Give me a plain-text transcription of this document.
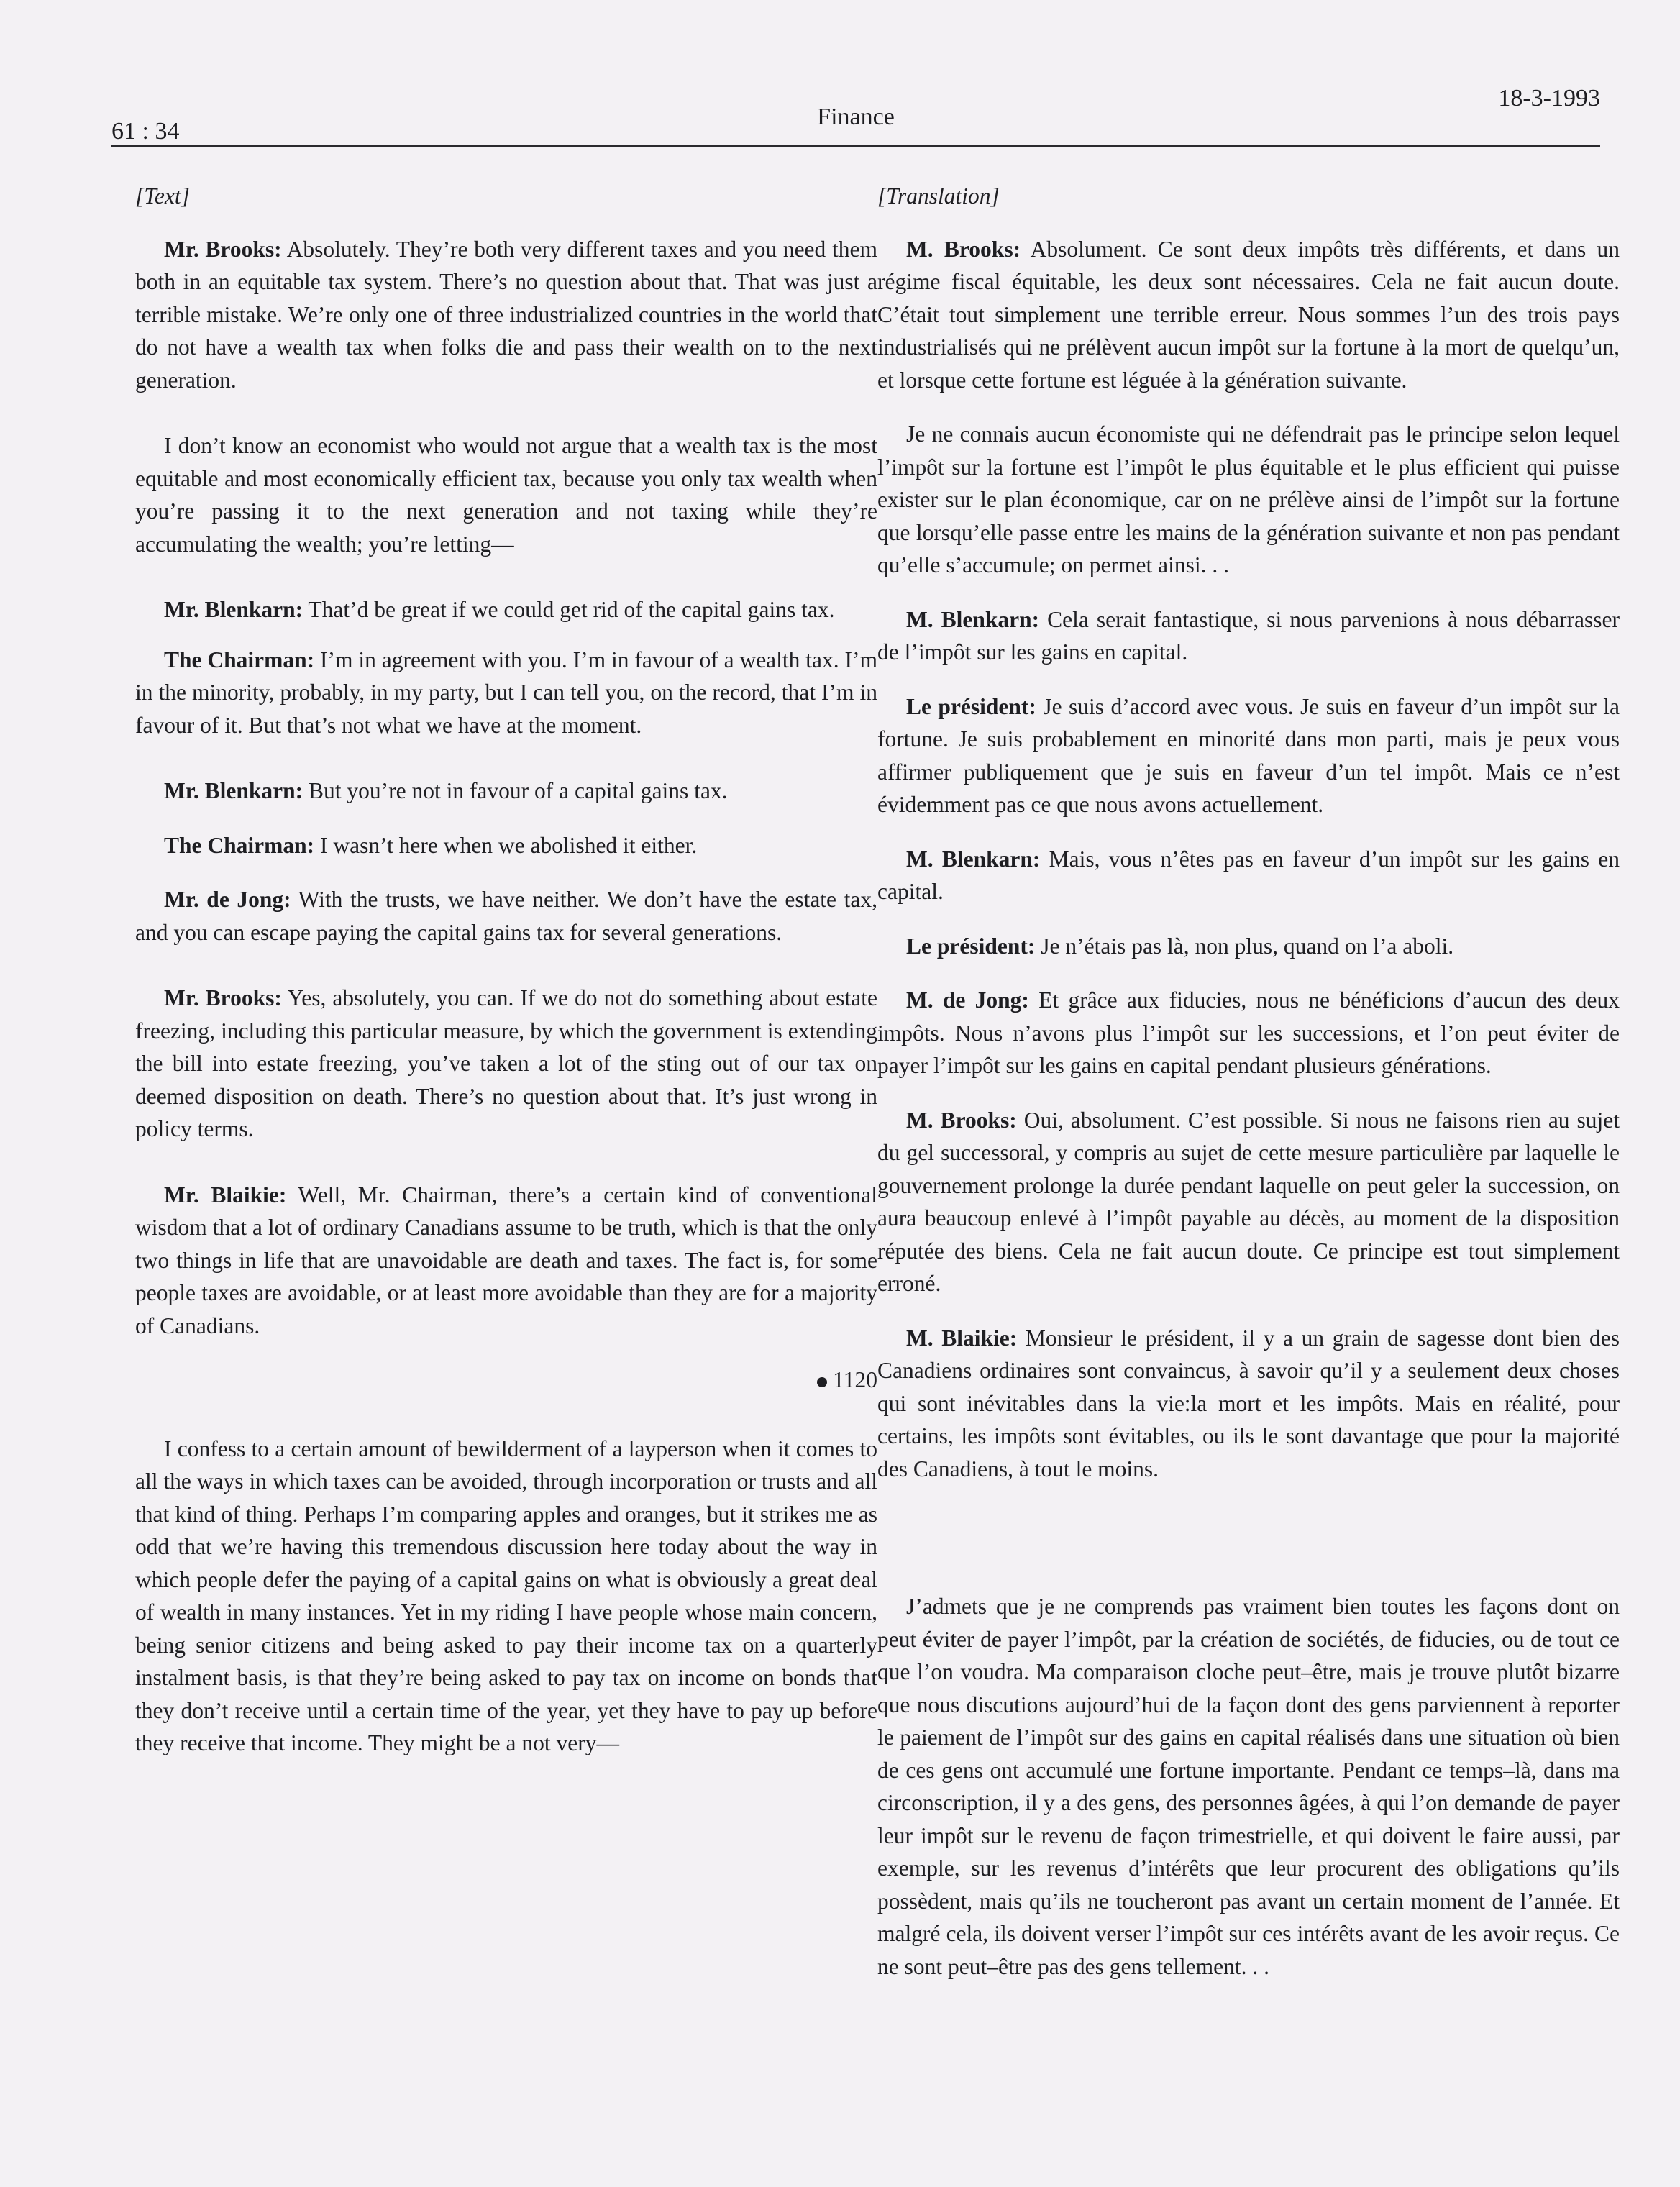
61 : 34
Finance
18-3-1993
[Text]

Mr. Brooks: Absolutely. They’re both very different taxes and you need them both in an equitable tax system. There’s no question about that. That was just a terrible mistake. We’re only one of three industrialized countries in the world that do not have a wealth tax when folks die and pass their wealth on to the next generation.

I don’t know an economist who would not argue that a wealth tax is the most equitable and most economically efficient tax, because you only tax wealth when you’re passing it to the next generation and not taxing while they’re accumulating the wealth; you’re letting—

Mr. Blenkarn: That’d be great if we could get rid of the capital gains tax.

The Chairman: I’m in agreement with you. I’m in favour of a wealth tax. I’m in the minority, probably, in my party, but I can tell you, on the record, that I’m in favour of it. But that’s not what we have at the moment.

Mr. Blenkarn: But you’re not in favour of a capital gains tax.

The Chairman: I wasn’t here when we abolished it either.

Mr. de Jong: With the trusts, we have neither. We don’t have the estate tax, and you can escape paying the capital gains tax for several generations.

Mr. Brooks: Yes, absolutely, you can. If we do not do something about estate freezing, including this particular measure, by which the government is extending the bill into estate freezing, you’ve taken a lot of the sting out of our tax on deemed disposition on death. There’s no question about that. It’s just wrong in policy terms.

Mr. Blaikie: Well, Mr. Chairman, there’s a certain kind of conventional wisdom that a lot of ordinary Canadians assume to be truth, which is that the only two things in life that are unavoidable are death and taxes. The fact is, for some people taxes are avoidable, or at least more avoidable than they are for a majority of Canadians.

1120

I confess to a certain amount of bewilderment of a layperson when it comes to all the ways in which taxes can be avoided, through incorporation or trusts and all that kind of thing. Perhaps I’m comparing apples and oranges, but it strikes me as odd that we’re having this tremendous discussion here today about the way in which people defer the paying of a capital gains on what is obviously a great deal of wealth in many instances. Yet in my riding I have people whose main concern, being senior citizens and being asked to pay their income tax on a quarterly instalment basis, is that they’re being asked to pay tax on income on bonds that they don’t receive until a certain time of the year, yet they have to pay up before they receive that income. They might be a not very—

[Translation]

M. Brooks: Absolument. Ce sont deux impôts très différents, et dans un régime fiscal équitable, les deux sont nécessaires. Cela ne fait aucun doute. C’était tout simplement une terrible erreur. Nous sommes l’un des trois pays industrialisés qui ne prélèvent aucun impôt sur la fortune à la mort de quelqu’un, et lorsque cette fortune est léguée à la génération suivante.

Je ne connais aucun économiste qui ne défendrait pas le principe selon lequel l’impôt sur la fortune est l’impôt le plus équitable et le plus efficient qui puisse exister sur le plan économique, car on ne prélève ainsi de l’impôt sur la fortune que lorsqu’elle passe entre les mains de la génération suivante et non pas pendant qu’elle s’accumule; on permet ainsi. . .

M. Blenkarn: Cela serait fantastique, si nous parvenions à nous débarrasser de l’impôt sur les gains en capital.

Le président: Je suis d’accord avec vous. Je suis en faveur d’un impôt sur la fortune. Je suis probablement en minorité dans mon parti, mais je peux vous affirmer publiquement que je suis en faveur d’un tel impôt. Mais ce n’est évidemment pas ce que nous avons actuellement.

M. Blenkarn: Mais, vous n’êtes pas en faveur d’un impôt sur les gains en capital.

Le président: Je n’étais pas là, non plus, quand on l’a aboli.

M. de Jong: Et grâce aux fiducies, nous ne bénéficions d’aucun des deux impôts. Nous n’avons plus l’impôt sur les successions, et l’on peut éviter de payer l’impôt sur les gains en capital pendant plusieurs générations.

M. Brooks: Oui, absolument. C’est possible. Si nous ne faisons rien au sujet du gel successoral, y compris au sujet de cette mesure particulière par laquelle le gouvernement prolonge la durée pendant laquelle on peut geler la succession, on aura beaucoup enlevé à l’impôt payable au décès, au moment de la disposition réputée des biens. Cela ne fait aucun doute. Ce principe est tout simplement erroné.

M. Blaikie: Monsieur le président, il y a un grain de sagesse dont bien des Canadiens ordinaires sont convaincus, à savoir qu’il y a seulement deux choses qui sont inévitables dans la vie:la mort et les impôts. Mais en réalité, pour certains, les impôts sont évitables, ou ils le sont davantage que pour la majorité des Canadiens, à tout le moins.

J’admets que je ne comprends pas vraiment bien toutes les façons dont on peut éviter de payer l’impôt, par la création de sociétés, de fiducies, ou de tout ce que l’on voudra. Ma comparaison cloche peut–être, mais je trouve plutôt bizarre que nous discutions aujourd’hui de la façon dont des gens parviennent à reporter le paiement de l’impôt sur des gains en capital réalisés dans une situation où bien de ces gens ont accumulé une fortune importante. Pendant ce temps–là, dans ma circonscription, il y a des gens, des personnes âgées, à qui l’on demande de payer leur impôt sur le revenu de façon trimestrielle, et qui doivent le faire aussi, par exemple, sur les revenus d’intérêts que leur procurent des obligations qu’ils possèdent, mais qu’ils ne toucheront pas avant un certain moment de l’année. Et malgré cela, ils doivent verser l’impôt sur ces intérêts avant de les avoir reçus. Ce ne sont peut–être pas des gens tellement. . .
